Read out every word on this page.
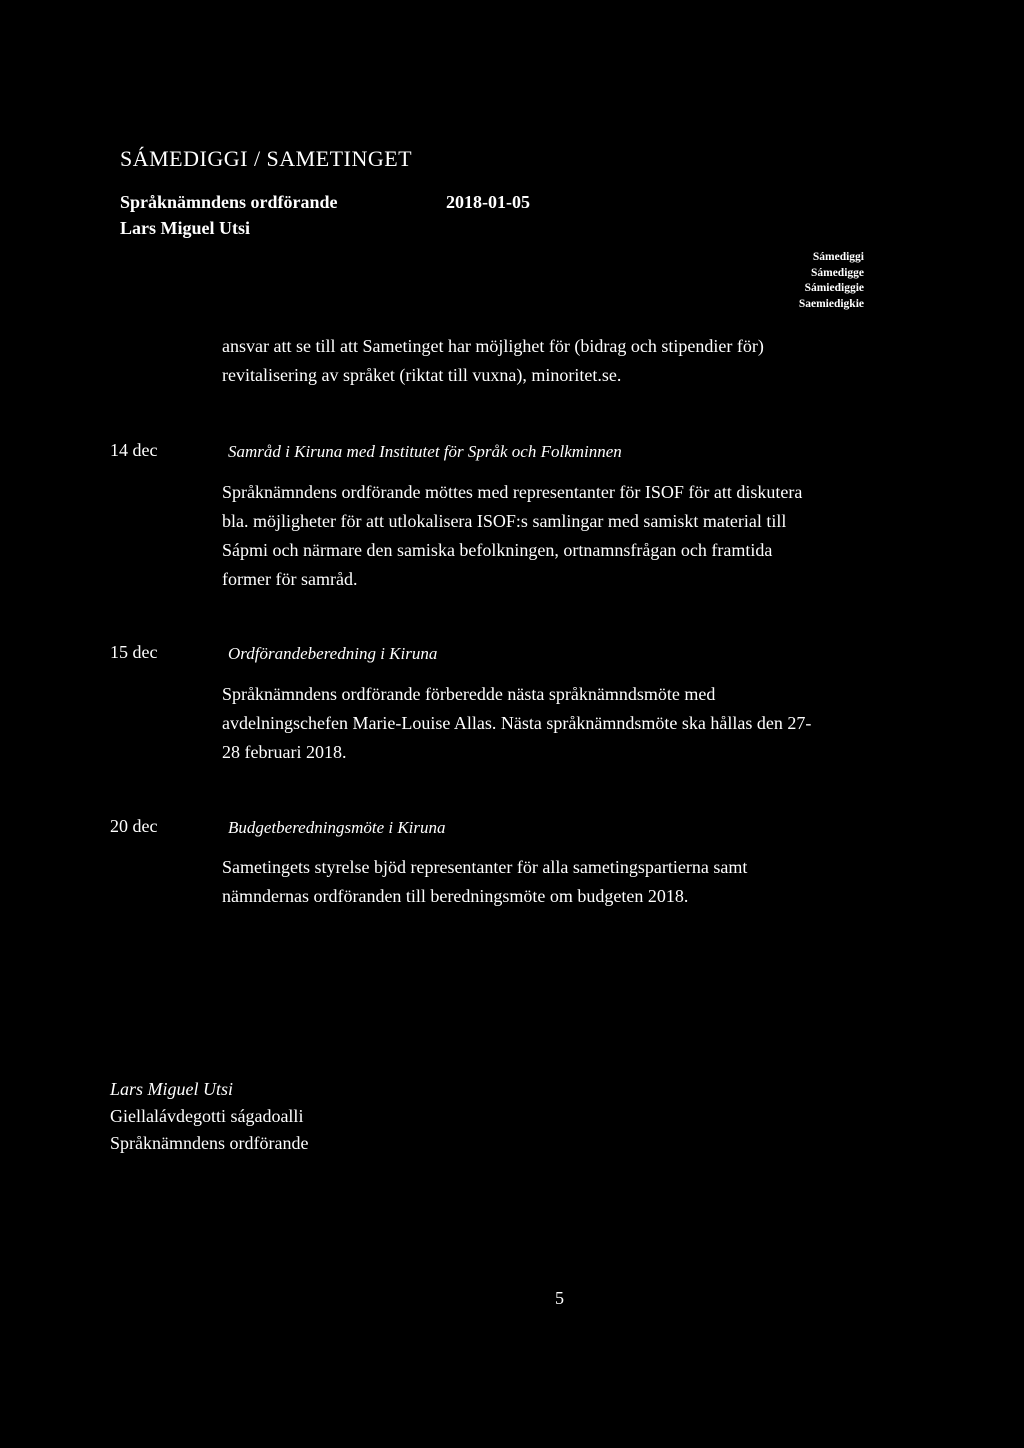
SÁMEDIGGI / SAMETINGET
Språknämndens ordförande	2018-01-05
Lars Miguel Utsi
Sámediggi
Sámedigge
Sámiediggie
Saemiedigkie
ansvar att se till att Sametinget har möjlighet för (bidrag och stipendier för)
revitalisering av språket (riktat till vuxna), minoritet.se.
14 dec	Samråd i Kiruna med Institutet för Språk och Folkminnen
Språknämndens ordförande möttes med representanter för ISOF för att diskutera
bla. möjligheter för att utlokalisera ISOF:s samlingar med samiskt material till
Sápmi och närmare den samiska befolkningen, ortnamnsfrågan och framtida
former för samråd.
15 dec	Ordförandeberedning i Kiruna
Språknämndens ordförande förberedde nästa språknämndsmöte med
avdelningschefen Marie-Louise Allas. Nästa språknämndsmöte ska hållas den 27-
28 februari 2018.
20 dec	Budgetberedningsmöte i Kiruna
Sametingets styrelse bjöd representanter för alla sametingspartierna samt
nämndernas ordföranden till beredningsmöte om budgeten 2018.
Lars Miguel Utsi
Giellalávdegotti ságadoalli
Språknämndens ordförande
5
